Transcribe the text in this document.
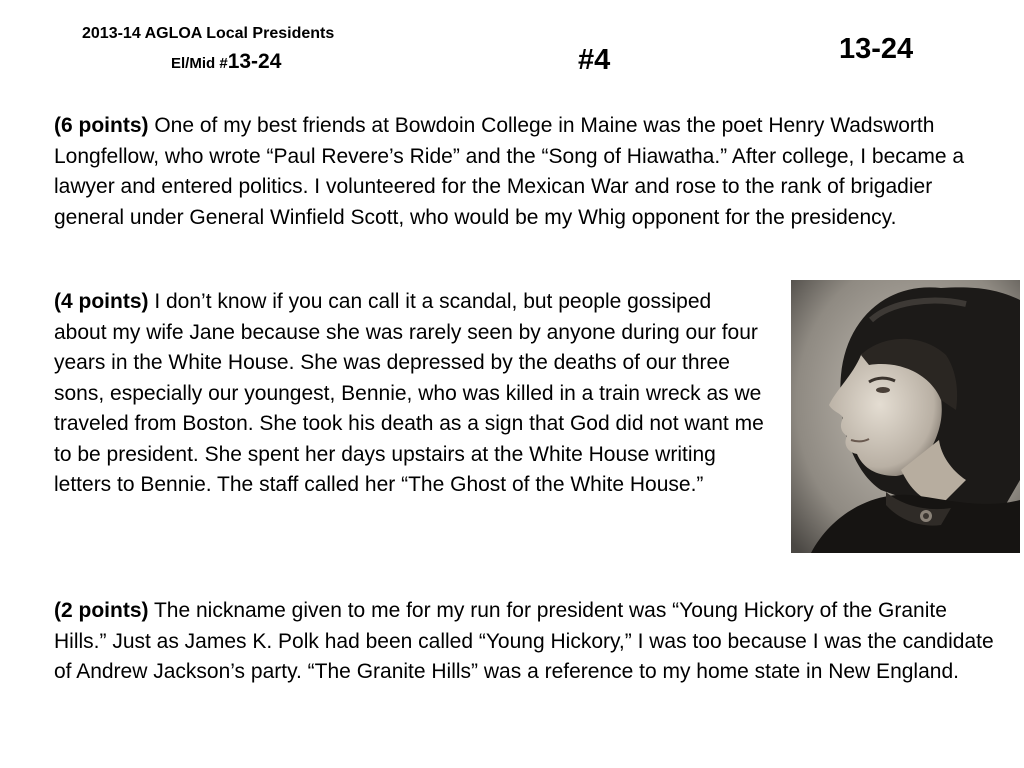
2013-14 AGLOA Local Presidents
El/Mid #13-24	#4	13-24

(6 points) One of my best friends at Bowdoin College in Maine was the poet Henry Wadsworth Longfellow, who wrote “Paul Revere’s Ride” and the “Song of Hiawatha.” After college, I became a lawyer and entered politics. I volunteered for the Mexican War and rose to the rank of brigadier general under General Winfield Scott, who would be my Whig opponent for the presidency.

(4 points) I don’t know if you can call it a scandal, but people gossiped about my wife Jane because she was rarely seen by anyone during our four years in the White House. She was depressed by the deaths of our three sons, especially our youngest, Bennie, who was killed in a train wreck as we traveled from Boston. She took his death as a sign that God did not want me to be president. She spent her days upstairs at the White House writing letters to Bennie. The staff called her “The Ghost of the White House.”

(2 points) The nickname given to me for my run for president was “Young Hickory of the Granite Hills.” Just as James K. Polk had been called “Young Hickory,” I was too because I was the candidate of Andrew Jackson’s party. “The Granite Hills” was a reference to my home state in New England.
